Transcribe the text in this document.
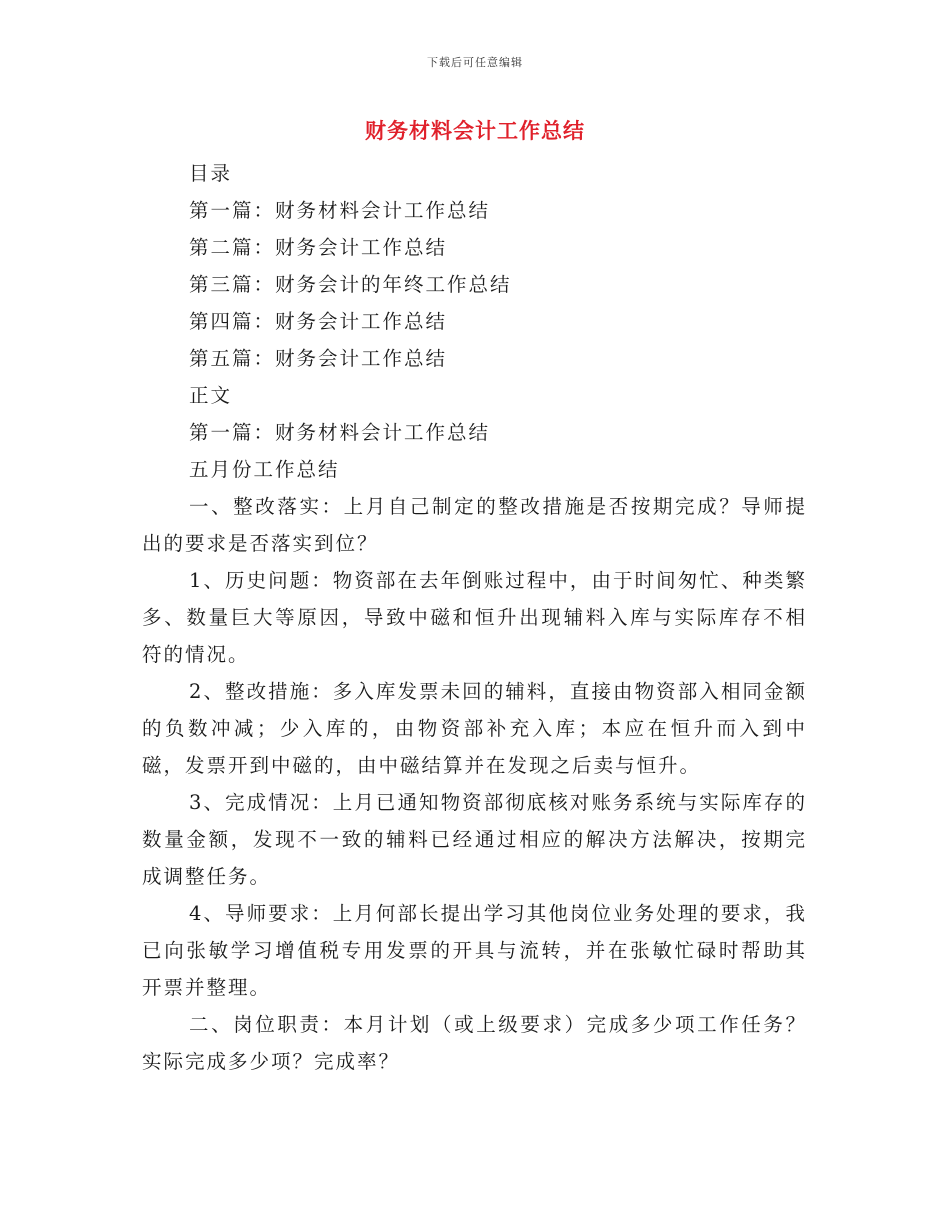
下载后可任意编辑
财务材料会计工作总结

目录

第一篇：财务材料会计工作总结

第二篇：财务会计工作总结

第三篇：财务会计的年终工作总结

第四篇：财务会计工作总结

第五篇：财务会计工作总结

正文

第一篇：财务材料会计工作总结

五月份工作总结

一、整改落实：上月自己制定的整改措施是否按期完成？导师提出的要求是否落实到位？

1、历史问题：物资部在去年倒账过程中，由于时间匆忙、种类繁多、数量巨大等原因，导致中磁和恒升出现辅料入库与实际库存不相符的情况。

2、整改措施：多入库发票未回的辅料，直接由物资部入相同金额的负数冲减；少入库的，由物资部补充入库；本应在恒升而入到中磁，发票开到中磁的，由中磁结算并在发现之后卖与恒升。

3、完成情况：上月已通知物资部彻底核对账务系统与实际库存的数量金额，发现不一致的辅料已经通过相应的解决方法解决，按期完成调整任务。

4、导师要求：上月何部长提出学习其他岗位业务处理的要求，我已向张敏学习增值税专用发票的开具与流转，并在张敏忙碌时帮助其开票并整理。

二、岗位职责：本月计划（或上级要求）完成多少项工作任务？实际完成多少项？完成率？
